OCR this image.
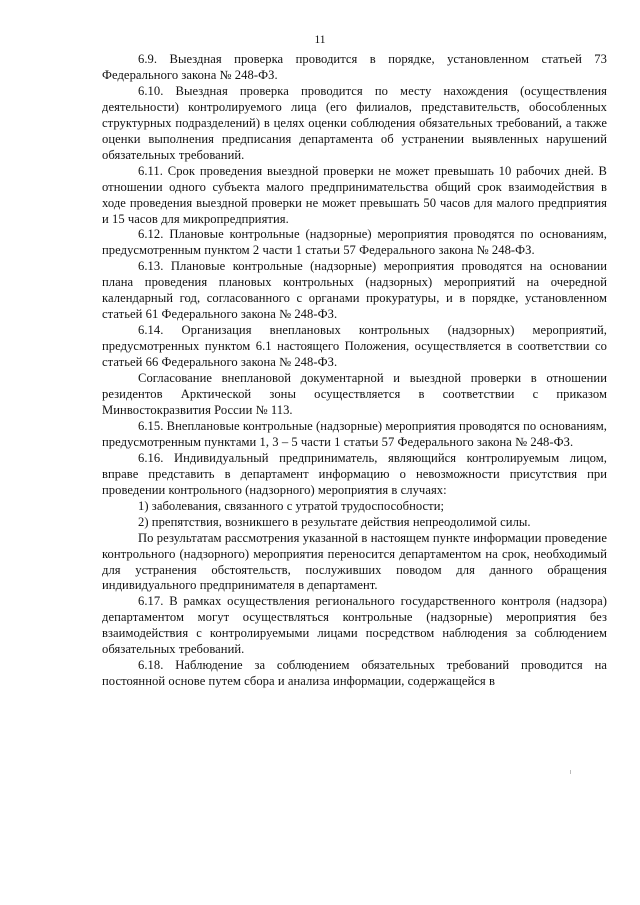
11

6.9. Выездная проверка проводится в порядке, установленном статьей 73 Федерального закона № 248-ФЗ.

6.10. Выездная проверка проводится по месту нахождения (осуществления деятельности) контролируемого лица (его филиалов, представительств, обособленных структурных подразделений) в целях оценки соблюдения обязательных требований, а также оценки выполнения предписания департамента об устранении выявленных нарушений обязательных требований.

6.11. Срок проведения выездной проверки не может превышать 10 рабочих дней. В отношении одного субъекта малого предпринимательства общий срок взаимодействия в ходе проведения выездной проверки не может превышать 50 часов для малого предприятия и 15 часов для микропредприятия.

6.12. Плановые контрольные (надзорные) мероприятия проводятся по основаниям, предусмотренным пунктом 2 части 1 статьи 57 Федерального закона № 248-ФЗ.

6.13. Плановые контрольные (надзорные) мероприятия проводятся на основании плана проведения плановых контрольных (надзорных) мероприятий на очередной календарный год, согласованного с органами прокуратуры, и в порядке, установленном статьей 61 Федерального закона № 248-ФЗ.

6.14. Организация внеплановых контрольных (надзорных) мероприятий, предусмотренных пунктом 6.1 настоящего Положения, осуществляется в соответствии со статьей 66 Федерального закона № 248-ФЗ.

Согласование внеплановой документарной и выездной проверки в отношении резидентов Арктической зоны осуществляется в соответствии с приказом Минвостокразвития России № 113.

6.15. Внеплановые контрольные (надзорные) мероприятия проводятся по основаниям, предусмотренным пунктами 1, 3 – 5 части 1 статьи 57 Федерального закона № 248-ФЗ.

6.16. Индивидуальный предприниматель, являющийся контролируемым лицом, вправе представить в департамент информацию о невозможности присутствия при проведении контрольного (надзорного) мероприятия в случаях:

1) заболевания, связанного с утратой трудоспособности;

2) препятствия, возникшего в результате действия непреодолимой силы.

По результатам рассмотрения указанной в настоящем пункте информации проведение контрольного (надзорного) мероприятия переносится департаментом на срок, необходимый для устранения обстоятельств, послуживших поводом для данного обращения индивидуального предпринимателя в департамент.

6.17. В рамках осуществления регионального государственного контроля (надзора) департаментом могут осуществляться контрольные (надзорные) мероприятия без взаимодействия с контролируемыми лицами посредством наблюдения за соблюдением обязательных требований.

6.18. Наблюдение за соблюдением обязательных требований проводится на постоянной основе путем сбора и анализа информации, содержащейся в
